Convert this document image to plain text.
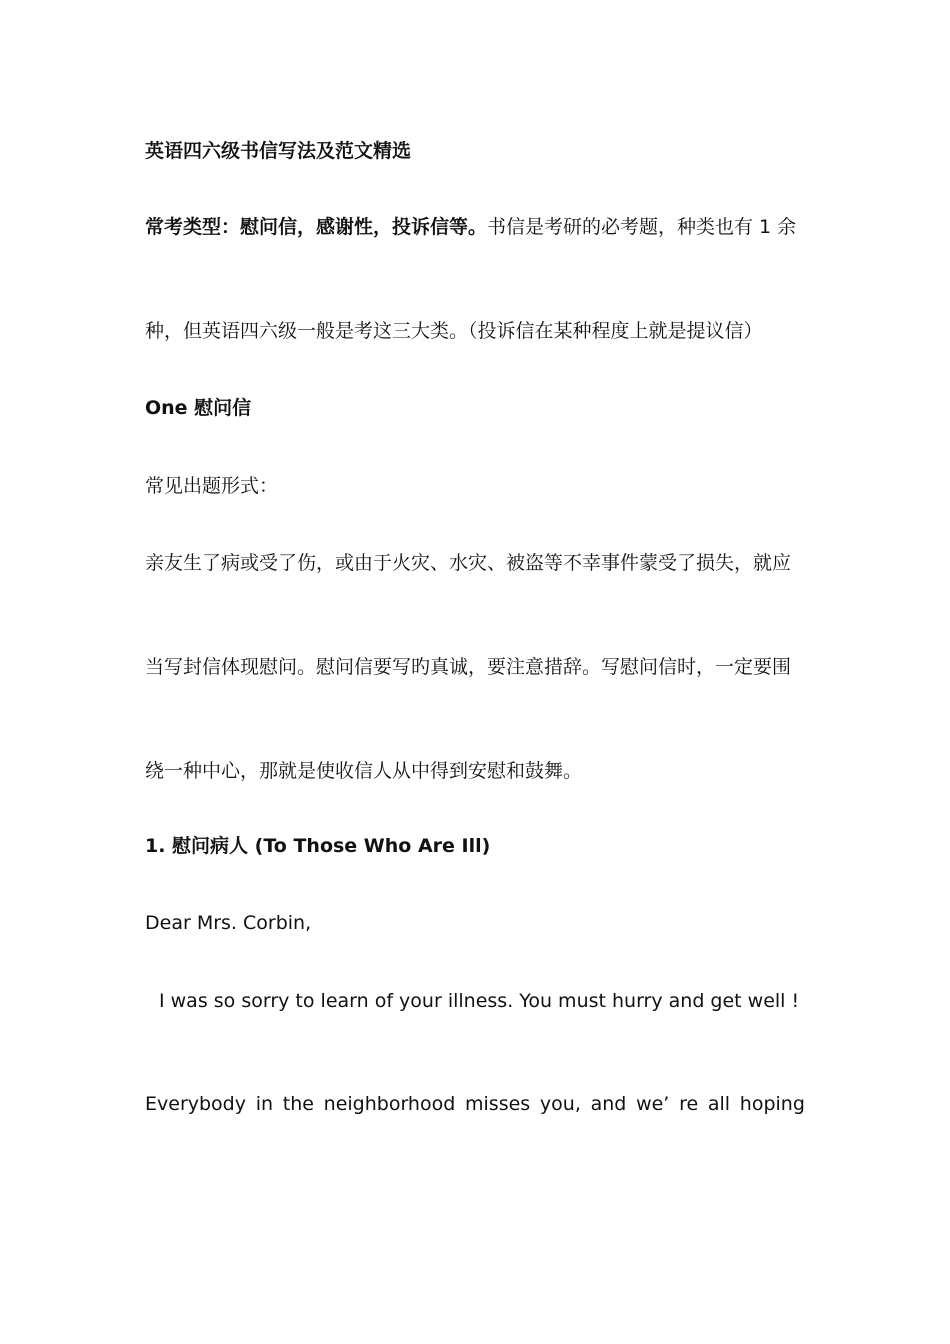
英语四六级书信写法及范文精选
常考类型：慰问信，感谢性，投诉信等。书信是考研的必考题，种类也有 1 余
种，但英语四六级一般是考这三大类。（投诉信在某种程度上就是提议信）
One 慰问信
常见出题形式：
亲友生了病或受了伤，或由于火灾、水灾、被盗等不幸事件蒙受了损失，就应
当写封信体现慰问。慰问信要写旳真诚，要注意措辞。写慰问信时，一定要围
绕一种中心，那就是使收信人从中得到安慰和鼓舞。
1. 慰问病人 (To Those Who Are Ill)
Dear Mrs. Corbin,
I was so sorry to learn of your illness. You must hurry and get well !
Everybody in the neighborhood misses you, and we’ re all hoping
